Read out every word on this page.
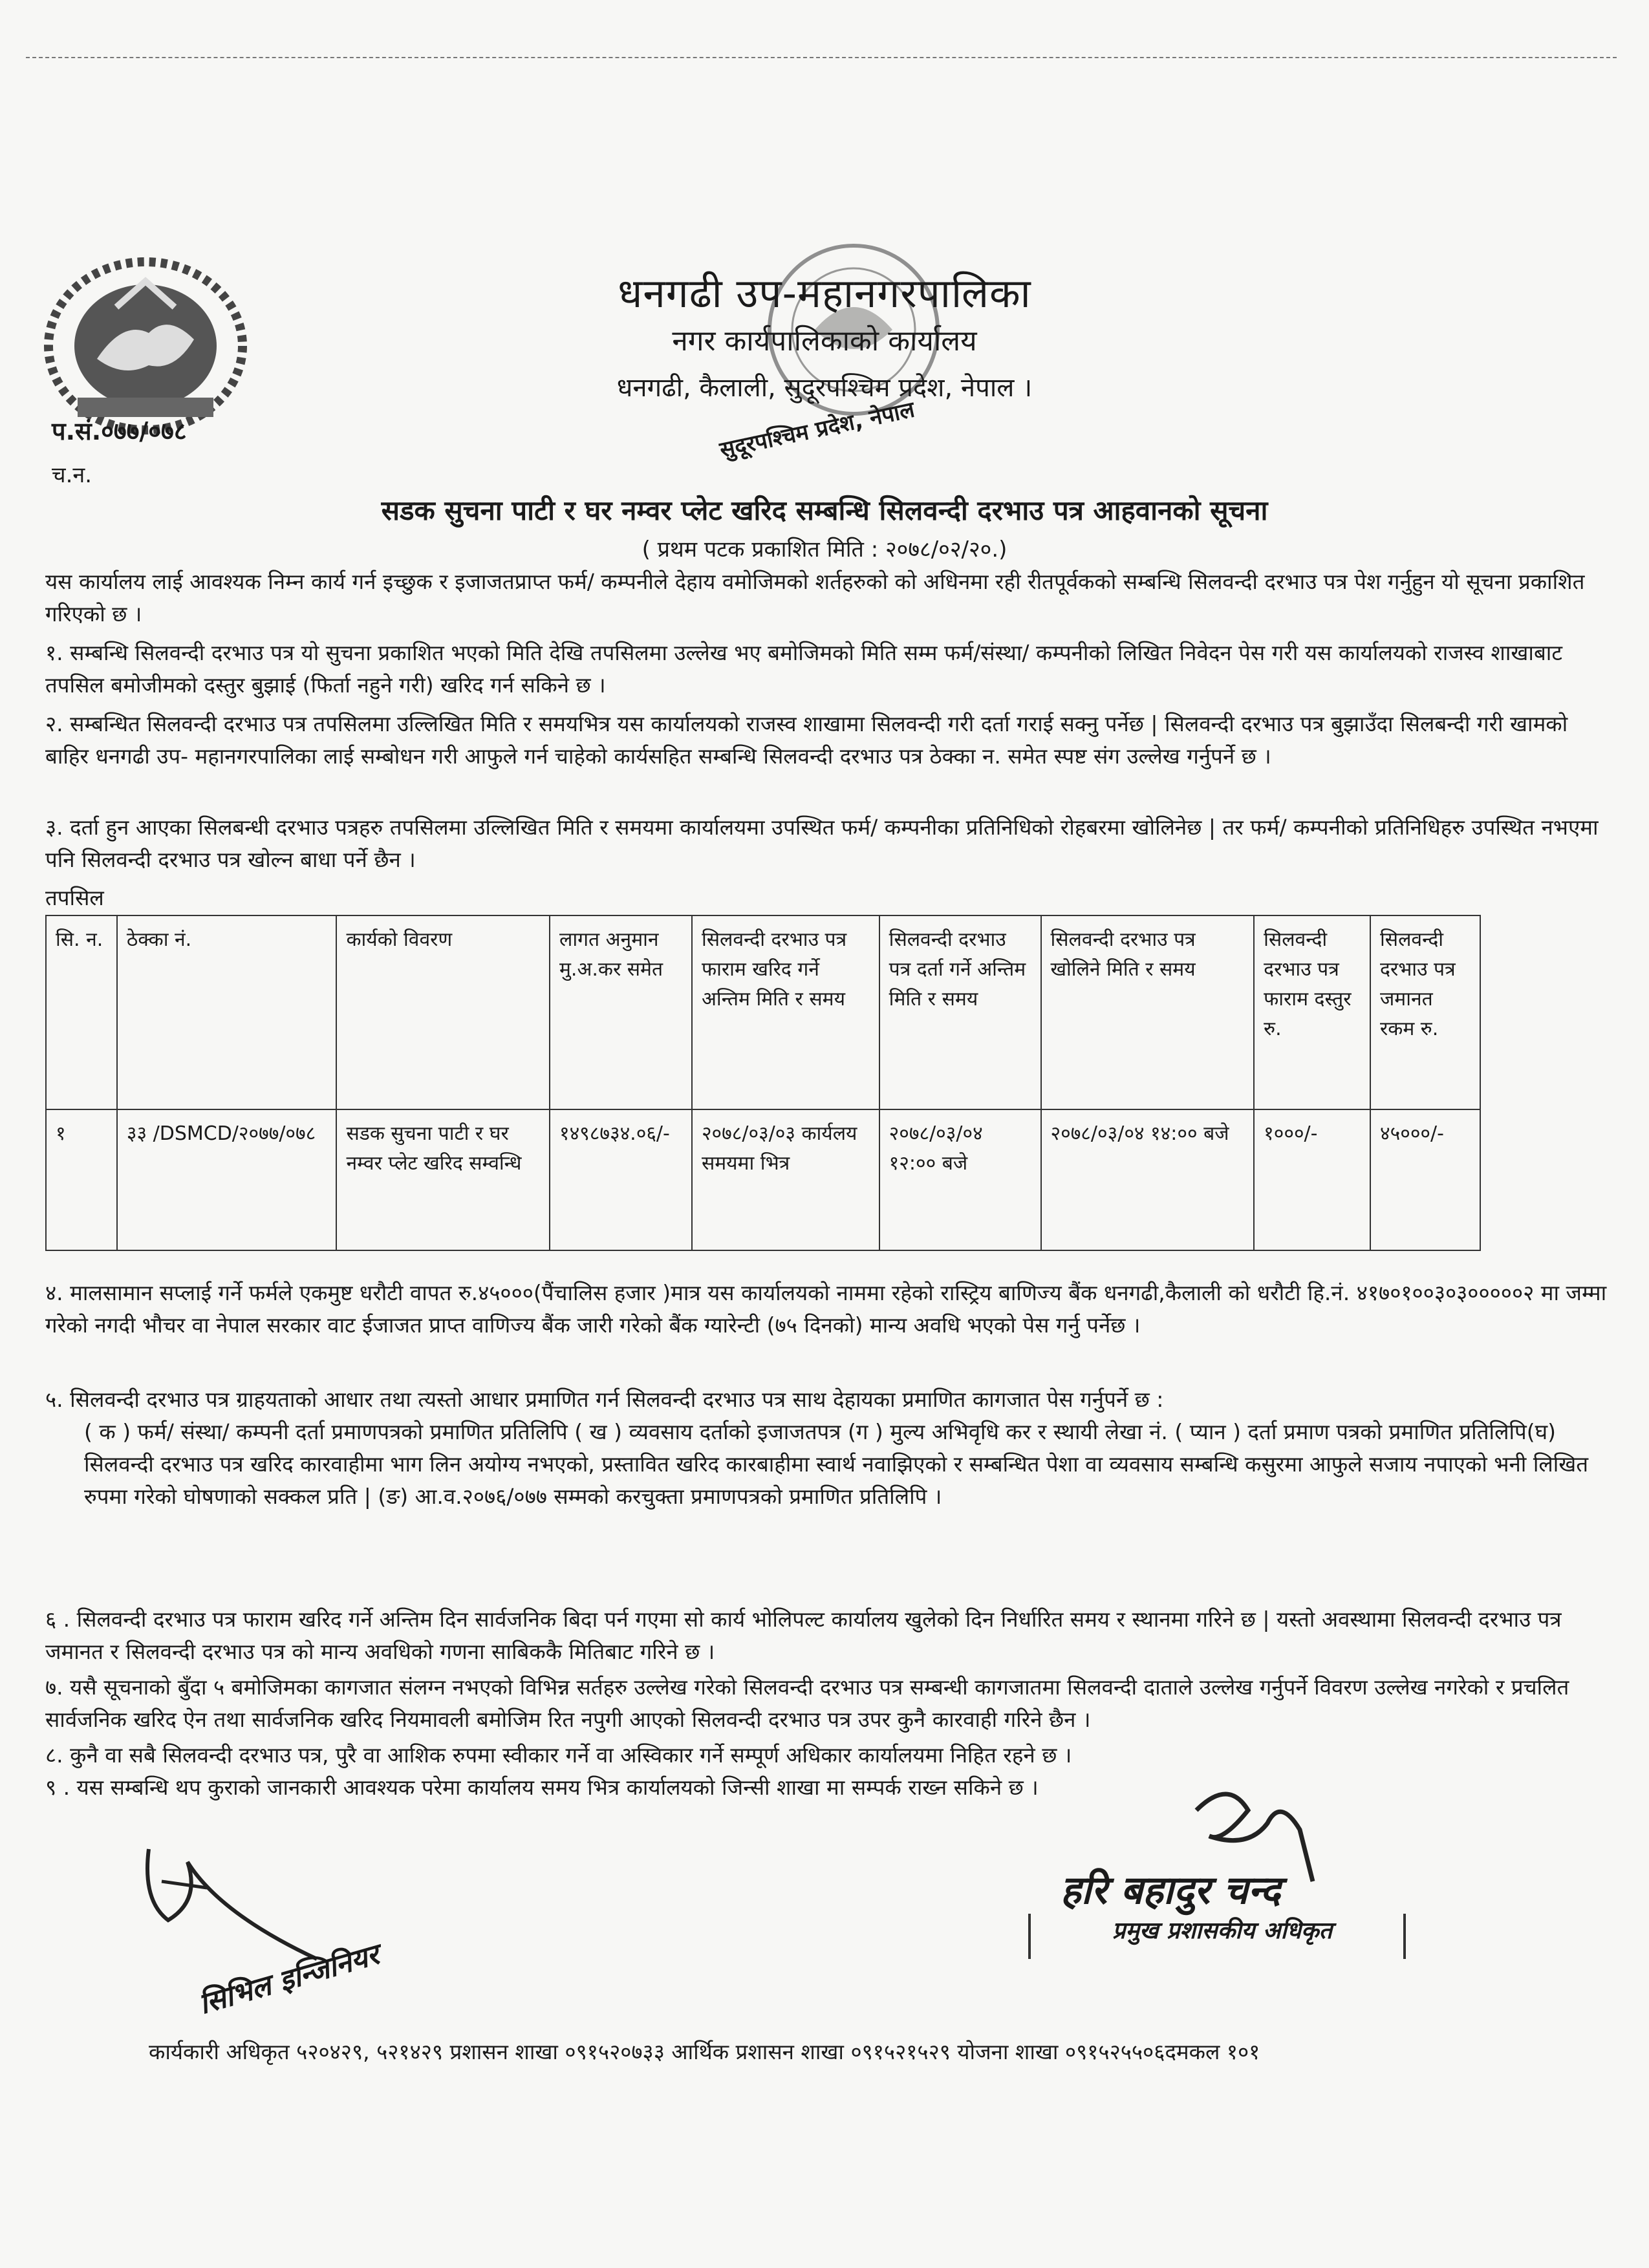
सुदूरपश्चिम प्रदेश, नेपाल
धनगढी उप-महानगरपालिका
नगर कार्यपालिकाको कार्यालय
धनगढी, कैलाली, सुदूरपश्चिम प्रदेश, नेपाल ।
प.सं.०७७/०७८
च.न.
सडक सुचना पाटी र घर नम्वर प्लेट खरिद सम्बन्धि सिलवन्दी दरभाउ पत्र आहवानको सूचना
( प्रथम पटक प्रकाशित मिति : २०७८/०२/२०.)
यस कार्यालय लाई आवश्यक निम्न कार्य गर्न इच्छुक र इजाजतप्राप्त फर्म/ कम्पनीले देहाय वमोजिमको शर्तहरुको को अधिनमा रही रीतपूर्वकको सम्बन्धि सिलवन्दी दरभाउ पत्र पेश गर्नुहुन यो सूचना प्रकाशित गरिएको छ ।
१. सम्बन्धि सिलवन्दी दरभाउ पत्र यो सुचना प्रकाशित भएको मिति देखि तपसिलमा उल्लेख भए बमोजिमको मिति सम्म फर्म/संस्था/ कम्पनीको लिखित निवेदन पेस गरी यस कार्यालयको राजस्व शाखाबाट तपसिल बमोजीमको दस्तुर बुझाई (फिर्ता नहुने गरी) खरिद गर्न सकिने छ ।
२. सम्बन्धित सिलवन्दी दरभाउ पत्र तपसिलमा उल्लिखित मिति र समयभित्र यस कार्यालयको राजस्व शाखामा सिलवन्दी गरी दर्ता गराई सक्नु पर्नेछ | सिलवन्दी दरभाउ पत्र बुझाउँदा सिलबन्दी गरी खामको बाहिर धनगढी उप- महानगरपालिका लाई सम्बोधन गरी आफुले गर्न चाहेको कार्यसहित सम्बन्धि सिलवन्दी दरभाउ पत्र ठेक्का न. समेत स्पष्ट संग उल्लेख गर्नुपर्ने छ ।
३. दर्ता हुन आएका सिलबन्धी दरभाउ पत्रहरु तपसिलमा उल्लिखित मिति र समयमा कार्यालयमा उपस्थित फर्म/ कम्पनीका प्रतिनिधिको रोहबरमा खोलिनेछ | तर फर्म/ कम्पनीको प्रतिनिधिहरु उपस्थित नभएमा पनि सिलवन्दी दरभाउ पत्र खोल्न बाधा पर्ने छैन ।
तपसिल
सि. न.	ठेक्का नं.	कार्यको विवरण	लागत अनुमान मु.अ.कर समेत	सिलवन्दी दरभाउ पत्र फाराम खरिद गर्ने अन्तिम मिति र समय	सिलवन्दी दरभाउ पत्र दर्ता गर्ने अन्तिम मिति र समय	सिलवन्दी दरभाउ पत्र खोलिने मिति र समय	सिलवन्दी दरभाउ पत्र फाराम दस्तुर रु.	सिलवन्दी दरभाउ पत्र जमानत रकम रु.
१	३३ /DSMCD/२०७७/०७८	सडक सुचना पाटी र घर नम्वर प्लेट खरिद सम्वन्धि	१४९८७३४.०६/-	२०७८/०३/०३ कार्यलय समयमा भित्र	२०७८/०३/०४ १२:०० बजे	२०७८/०३/०४ १४:०० बजे	१०००/-	४५०००/-
४. मालसामान सप्लाई गर्ने फर्मले एकमुष्ट धरौटी वापत रु.४५०००(पैंचालिस हजार )मात्र यस कार्यालयको नाममा रहेको रास्ट्रिय बाणिज्य बैंक धनगढी,कैलाली को धरौटी हि.नं. ४१७०१००३०३०००००२ मा जम्मा गरेको नगदी भौचर वा नेपाल सरकार वाट ईजाजत प्राप्त वाणिज्य बैंक जारी गरेको बैंक ग्यारेन्टी (७५ दिनको) मान्य अवधि भएको पेस गर्नु पर्नेछ ।
५. सिलवन्दी दरभाउ पत्र ग्राहयताको आधार तथा त्यस्तो आधार प्रमाणित गर्न सिलवन्दी दरभाउ पत्र साथ देहायका प्रमाणित कागजात पेस गर्नुपर्ने छ :
( क ) फर्म/ संस्था/ कम्पनी दर्ता प्रमाणपत्रको प्रमाणित प्रतिलिपि ( ख ) व्यवसाय दर्ताको इजाजतपत्र (ग ) मुल्य अभिवृधि कर र स्थायी लेखा नं. ( प्यान ) दर्ता प्रमाण पत्रको प्रमाणित प्रतिलिपि(घ) सिलवन्दी दरभाउ पत्र खरिद कारवाहीमा भाग लिन अयोग्य नभएको, प्रस्तावित खरिद कारबाहीमा स्वार्थ नवाझिएको र सम्बन्धित पेशा वा व्यवसाय सम्बन्धि कसुरमा आफुले सजाय नपाएको भनी लिखित रुपमा गरेको घोषणाको सक्कल प्रति | (ङ) आ.व.२०७६/०७७ सम्मको करचुक्ता प्रमाणपत्रको प्रमाणित प्रतिलिपि ।
६ . सिलवन्दी दरभाउ पत्र फाराम खरिद गर्ने अन्तिम दिन सार्वजनिक बिदा पर्न गएमा सो कार्य भोलिपल्ट कार्यालय खुलेको दिन निर्धारित समय र स्थानमा गरिने छ | यस्तो अवस्थामा सिलवन्दी दरभाउ पत्र जमानत र सिलवन्दी दरभाउ पत्र को मान्य अवधिको गणना साबिककै मितिबाट गरिने छ ।
७. यसै सूचनाको बुँदा ५ बमोजिमका कागजात संलग्न नभएको विभिन्न सर्तहरु उल्लेख गरेको सिलवन्दी दरभाउ पत्र सम्बन्धी कागजातमा सिलवन्दी दाताले उल्लेख गर्नुपर्ने विवरण उल्लेख नगरेको र प्रचलित सार्वजनिक खरिद ऐन तथा सार्वजनिक खरिद नियमावली बमोजिम रित नपुगी आएको सिलवन्दी दरभाउ पत्र उपर कुनै कारवाही गरिने छैन ।
८. कुनै वा सबै सिलवन्दी दरभाउ पत्र, पुरै वा आशिक रुपमा स्वीकार गर्ने वा अस्विकार गर्ने सम्पूर्ण अधिकार कार्यालयमा निहित रहने छ ।
९ . यस सम्बन्धि थप कुराको जानकारी आवश्यक परेमा कार्यालय समय भित्र कार्यालयको जिन्सी शाखा मा सम्पर्क राख्न सकिने छ ।
हरि बहादुर चन्द
प्रमुख प्रशासकीय अधिकृत
सिभिल इन्जिनियर
कार्यकारी अधिकृत ५२०४२९, ५२१४२९ प्रशासन शाखा ०९१५२०७३३ आर्थिक प्रशासन शाखा ०९१५२१५२९ योजना शाखा ०९१५२५५०६दमकल १०१
